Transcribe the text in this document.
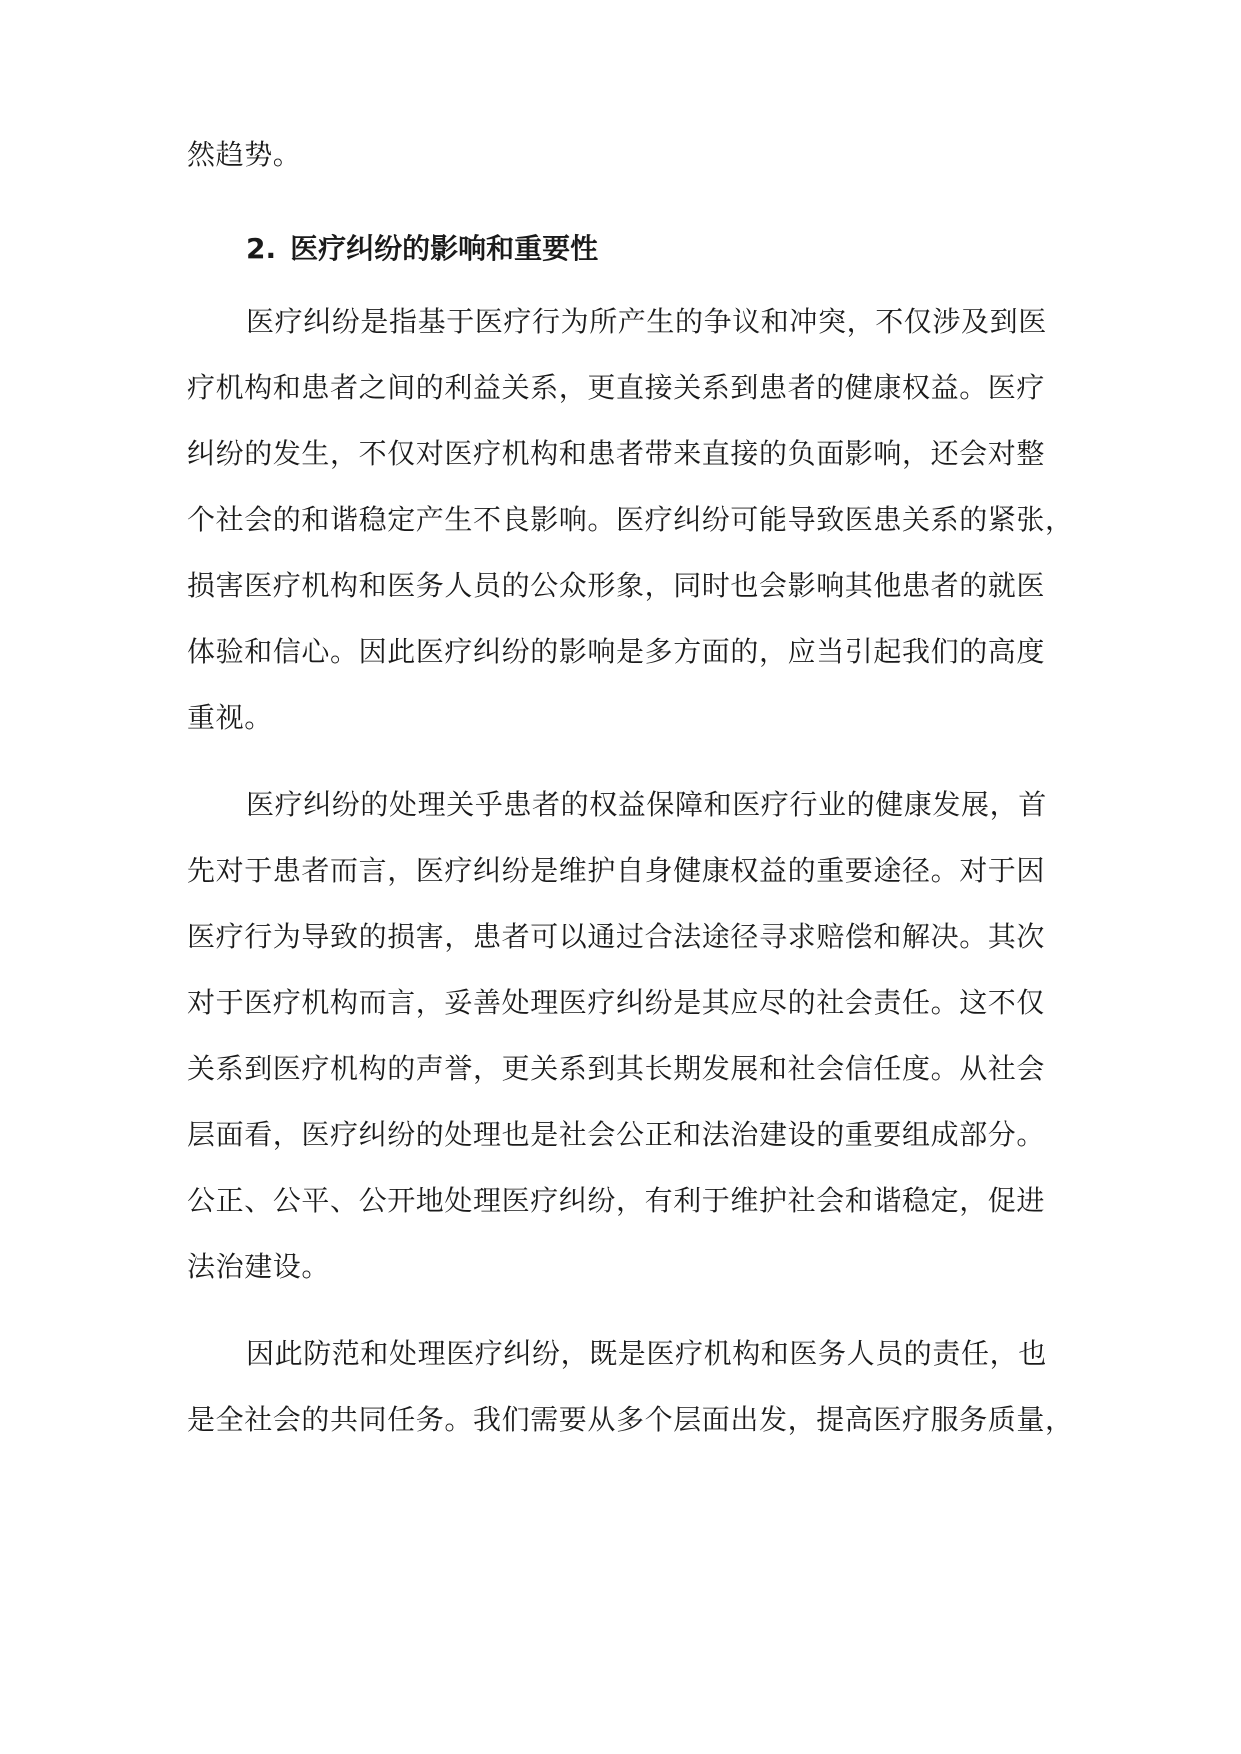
然趋势。
2. 医疗纠纷的影响和重要性
医疗纠纷是指基于医疗行为所产生的争议和冲突，不仅涉及到医
疗机构和患者之间的利益关系，更直接关系到患者的健康权益。医疗
纠纷的发生，不仅对医疗机构和患者带来直接的负面影响，还会对整
个社会的和谐稳定产生不良影响。医疗纠纷可能导致医患关系的紧张，
损害医疗机构和医务人员的公众形象，同时也会影响其他患者的就医
体验和信心。因此医疗纠纷的影响是多方面的，应当引起我们的高度
重视。
医疗纠纷的处理关乎患者的权益保障和医疗行业的健康发展，首
先对于患者而言，医疗纠纷是维护自身健康权益的重要途径。对于因
医疗行为导致的损害，患者可以通过合法途径寻求赔偿和解决。其次
对于医疗机构而言，妥善处理医疗纠纷是其应尽的社会责任。这不仅
关系到医疗机构的声誉，更关系到其长期发展和社会信任度。从社会
层面看，医疗纠纷的处理也是社会公正和法治建设的重要组成部分。
公正、公平、公开地处理医疗纠纷，有利于维护社会和谐稳定，促进
法治建设。
因此防范和处理医疗纠纷，既是医疗机构和医务人员的责任，也
是全社会的共同任务。我们需要从多个层面出发，提高医疗服务质量，
